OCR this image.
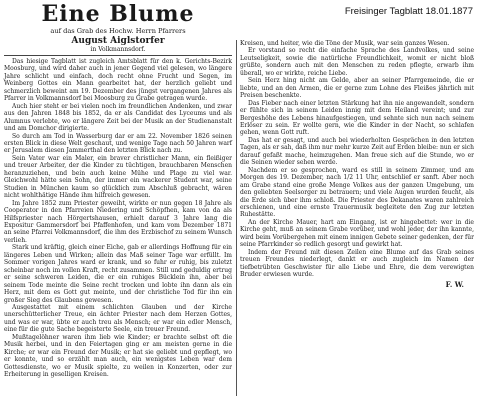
Freisinger Tagblatt 18.01.1877
Eine Blume
auf das Grab des Hochw. Herrn Pfarrers
August Aiglstorfer
in Volkmannsdorf.

Das hiesige Tagblatt ist zugleich Amtsblatt für den k. Gerichts-Bezirk Moosburg, und wird daher auch in jener Gegend viel gelesen, wo längere Jahre schlicht und einfach, doch recht ohne Frucht und Segen, im Weinberg Gottes ein Mann gearbeitet hat, der herzlich geliebt und schmerzlich beweint am 19. Dezember des jüngst vergangenen Jahres als Pfarrer in Volkmannsdorf bei Moosburg zu Grabe getragen wurde.

Auch hier steht er bei vielen noch im freundlichen Andenken, und zwar aus den Jahren 1848 bis 1852, da er als Candidat des Lyceums und als Alumnus verlebte, wo er längere Zeit bei der Musik an der Studienanstalt und am Domchor dirigierte.

So durch am Tod in Wasserburg dar er am 22. November 1826 seinen ersten Blick in diese Welt geschaut, und wenige Tage nach 50 Jahren warf er Jerusalem diesen Jammerthal den letzten Blick nach zu.

Sein Vater war ein Maler, ein braver christlicher Mann, ein fleißiger und treuer Arbeiter, der die Kinder zu tüchtigen, brauchbaren Menschen heranzuziehen, und bein auch keine Mühe und Plage zu viel war. Gleichwohl hätte sein Sohn, der immer ein wackerer Student war, seine Studien in München kaum so glücklich zum Abschluß gebracht, wären nicht wohlthätige Hände ihm hilfreich gewesen.

Im Jahre 1852 zum Priester geweiht, wirkte er nun gegen 18 Jahre als Cooperator in den Pfarreien Niedering und Schöpfhen, kam von da als Hilfspriester nach Hörgertshausen, erhielt darauf 3 Jahre lang die Expositur Gammersdorf bei Pfaffenhofen, und kam vom Dezember 1871 an seine Pfarrei Volkmannsdorf, die ihm des Erzbischof zu seinem Wunsch verlieh.

Stark und kräftig, gleich einer Eiche, gab er allerdings Hoffnung für ein längeres Leben und Wirken; allein das Maß seiner Tage war erfüllt. Im Sommer vorigen Jahres ward er krank, und so fuhr er ruhig, bis zuletzt scheinbar noch im vollen Kraft, recht zusammen. Still und geduldig ertrug er seine schweren Leiden, die er ein ruhiges Bücklein ihn, aber bei seinem Tode meinte die Seine recht trocken und lobte ihn dann als ein Herz, mit dem es Gott gut meinte, und der christliche Tod für ihn ein großer Sieg des Glaubens gewesen.

Ausgestattet mit einem schlichten Glauben und der Kirche unerschütterlicher Treue, ein ächter Priester nach dem Herzen Gottes, und was er war, übte er auch treu als Mensch; er war ein edler Mensch, eine für die gute Sache begeisterte Seele, ein treuer Freund.

Mußtagelöhner waren ihm lieb wie Kinder; er brachte selbst oft die Musik herbei, und in den Feiertagen ging er am meisten gerne in die Kirche; er war ein Freund der Musik; er hat sie geliebt und gepflegt, wo er konnte, und so erzählt man auch, ein wenigstes Leben war dem Gottesdienste, wo er Musik spielte, zu weilen in Konzerten, oder zur Erheiterung in geselligen Kreisen.

Kreisen, und heiter, wie die Töne der Musik, war sein ganzes Wesen.

Er vorstand so recht die einfache Sprache des Landvolkes, und seine Leutseligkeit, sowie die natürliche Freundlichkeit, womit er nicht bloß grüßte, sondern auch mit den Menschen zu reden pflegte, erwarb ihm überall, wo er wirkte, reiche Liebe.

Sein Herz hing nicht am Gelde, aber an seiner Pfarrgemeinde, die er liebte, und an den Armen, die er gerne zum Lohne des Fleißes jährlich mit Preisen beschenkte.

Das Fieber nach einer letzten Stärkung hat ihn nie angewandelt, sondern er fühlte sich in seinem Leiden innig mit dem Heiland vereint; und zur Bergeshöhe des Lebens hinaufgestiegen, und sehnte sich nun nach seinem Erlöser zu sein. Er wollte gern, wie die Kinder in der Nacht, so schlafen gehen, wenn Gott ruft.

Das hat er gesagt, und auch bei wiederholten Gesprächen in den letzten Tagen, als er sah, daß ihm nur mehr kurze Zeit auf Erden bleibe: nun er sich darauf gefaßt mache, heimzugehen. Man freue sich auf die Stunde, wo er die Seinen wieder sehen werde.

Nachdem er so gesprochen, ward es still in seinem Zimmer, und am Morgen des 19. Dezember, nach 1/2 11 Uhr, entschlief er sanft. Aber noch am Grabe stand eine große Menge Volkes aus der ganzen Umgebung, um den geliebten Seelsorger zu betrauern; und viele Augen wurden feucht, als die Erde sich über ihm schloß. Die Priester des Dekanates waren zahlreich erschienen, und eine ernste Trauermusik begleitete den Zug zur letzten Ruhestätte.

An der Kirche Mauer, hart am Eingang, ist er hingebettet: wer in die Kirche geht, muß an seinem Grabe vorüber, und wohl jeder, der ihn kannte, wird beim Vorübergehen mit einem innigen Gebete seiner gedenken, der für seine Pfarrkinder so redlich gesorgt und gewirkt hat.

Indem der Freund mit diesen Zeilen eine Blume auf das Grab seines treuen Freundes niederlegt, dankt er auch zugleich im Namen der tiefbetrübten Geschwister für alle Liebe und Ehre, die dem verewigten Bruder erwiesen wurde.

F. W.
